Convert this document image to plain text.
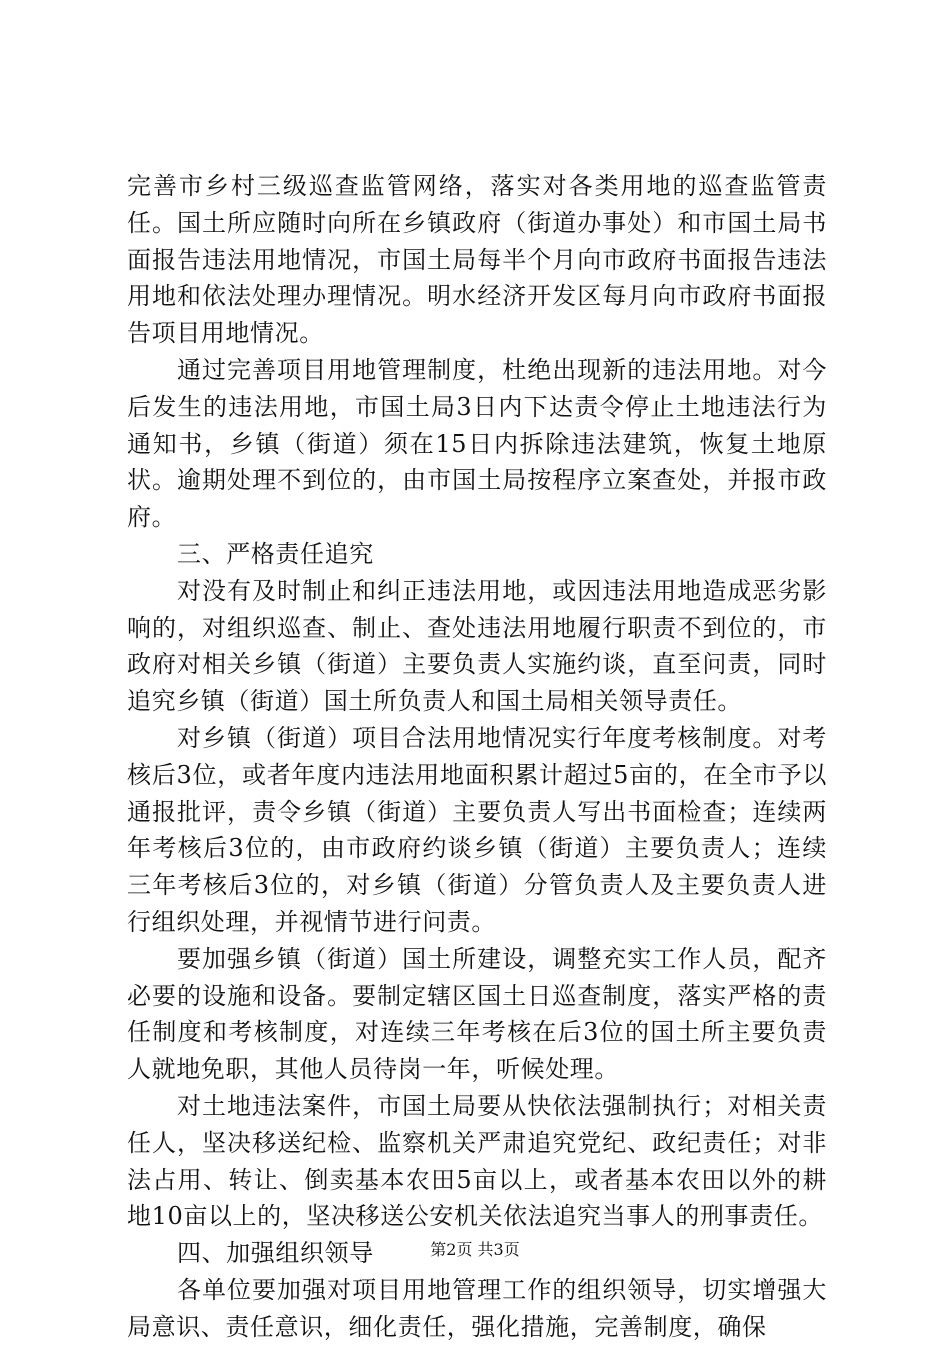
完善市乡村三级巡查监管网络，落实对各类用地的巡查监管责任。国土所应随时向所在乡镇政府（街道办事处）和市国土局书面报告违法用地情况，市国土局每半个月向市政府书面报告违法用地和依法处理办理情况。明水经济开发区每月向市政府书面报告项目用地情况。

通过完善项目用地管理制度，杜绝出现新的违法用地。对今后发生的违法用地，市国土局3日内下达责令停止土地违法行为通知书，乡镇（街道）须在15日内拆除违法建筑，恢复土地原状。逾期处理不到位的，由市国土局按程序立案查处，并报市政府。

三、严格责任追究

对没有及时制止和纠正违法用地，或因违法用地造成恶劣影响的，对组织巡查、制止、查处违法用地履行职责不到位的，市政府对相关乡镇（街道）主要负责人实施约谈，直至问责，同时追究乡镇（街道）国土所负责人和国土局相关领导责任。

对乡镇（街道）项目合法用地情况实行年度考核制度。对考核后3位，或者年度内违法用地面积累计超过5亩的，在全市予以通报批评，责令乡镇（街道）主要负责人写出书面检查；连续两年考核后3位的，由市政府约谈乡镇（街道）主要负责人；连续三年考核后3位的，对乡镇（街道）分管负责人及主要负责人进行组织处理，并视情节进行问责。

要加强乡镇（街道）国土所建设，调整充实工作人员，配齐必要的设施和设备。要制定辖区国土日巡查制度，落实严格的责任制度和考核制度，对连续三年考核在后3位的国土所主要负责人就地免职，其他人员待岗一年，听候处理。

对土地违法案件，市国土局要从快依法强制执行；对相关责任人，坚决移送纪检、监察机关严肃追究党纪、政纪责任；对非法占用、转让、倒卖基本农田5亩以上，或者基本农田以外的耕地10亩以上的，坚决移送公安机关依法追究当事人的刑事责任。

四、加强组织领导

各单位要加强对项目用地管理工作的组织领导，切实增强大局意识、责任意识，细化责任，强化措施，完善制度，确保

第2页 共3页
